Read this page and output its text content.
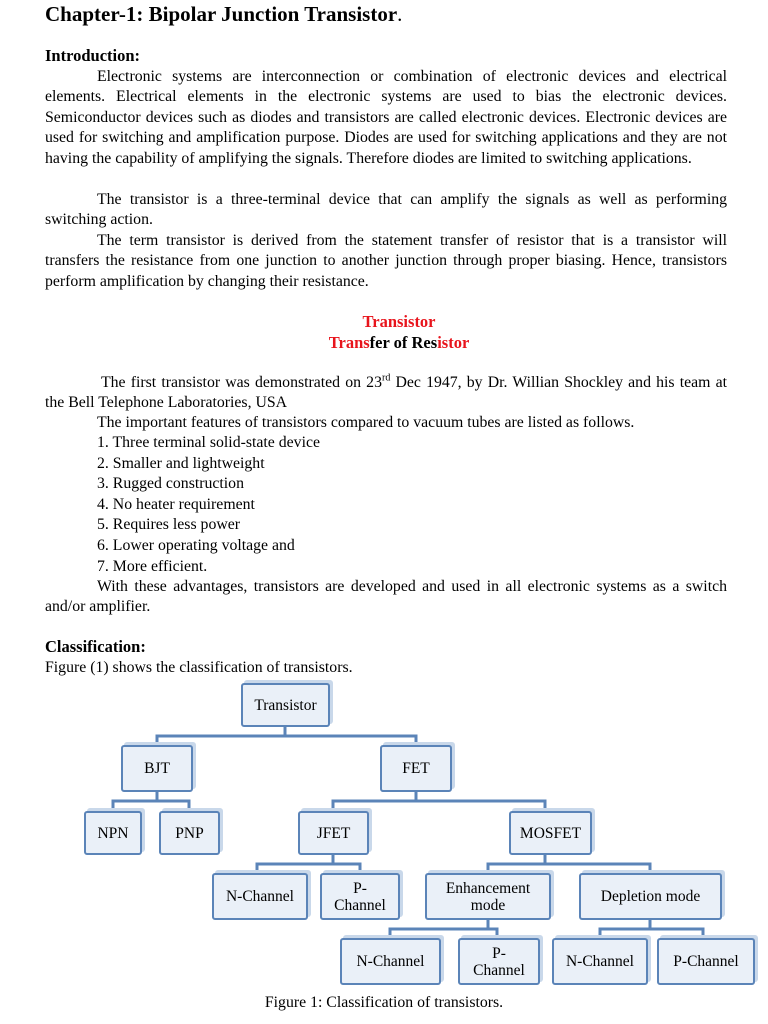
Chapter-1: Bipolar Junction Transistor.
Introduction:
Electronic systems are interconnection or combination of electronic devices and electrical elements. Electrical elements in the electronic systems are used to bias the electronic devices. Semiconductor devices such as diodes and transistors are called electronic devices. Electronic devices are used for switching and amplification purpose. Diodes are used for switching applications and they are not having the capability of amplifying the signals. Therefore diodes are limited to switching applications.
The transistor is a three-terminal device that can amplify the signals as well as performing switching action.
The term transistor is derived from the statement transfer of resistor that is a transistor will transfers the resistance from one junction to another junction through proper biasing. Hence, transistors perform amplification by changing their resistance.
Transistor
Transfer of Resistor
The first transistor was demonstrated on 23rd Dec 1947, by Dr. Willian Shockley and his team at the Bell Telephone Laboratories, USA
The important features of transistors compared to vacuum tubes are listed as follows.
1. Three terminal solid-state device
2. Smaller and lightweight
3. Rugged construction
4. No heater requirement
5. Requires less power
6. Lower operating voltage and
7. More efficient.
With these advantages, transistors are developed and used in all electronic systems as a switch and/or amplifier.
Classification:
Figure (1) shows the classification of transistors.
Transistor
BJT	FET
NPN	PNP	JFET	MOSFET
N-Channel	P-
Channel
Enhancement
mode	Depletion mode
N-Channel	P-
Channel	N-Channel	P-Channel
Figure 1: Classification of transistors.
